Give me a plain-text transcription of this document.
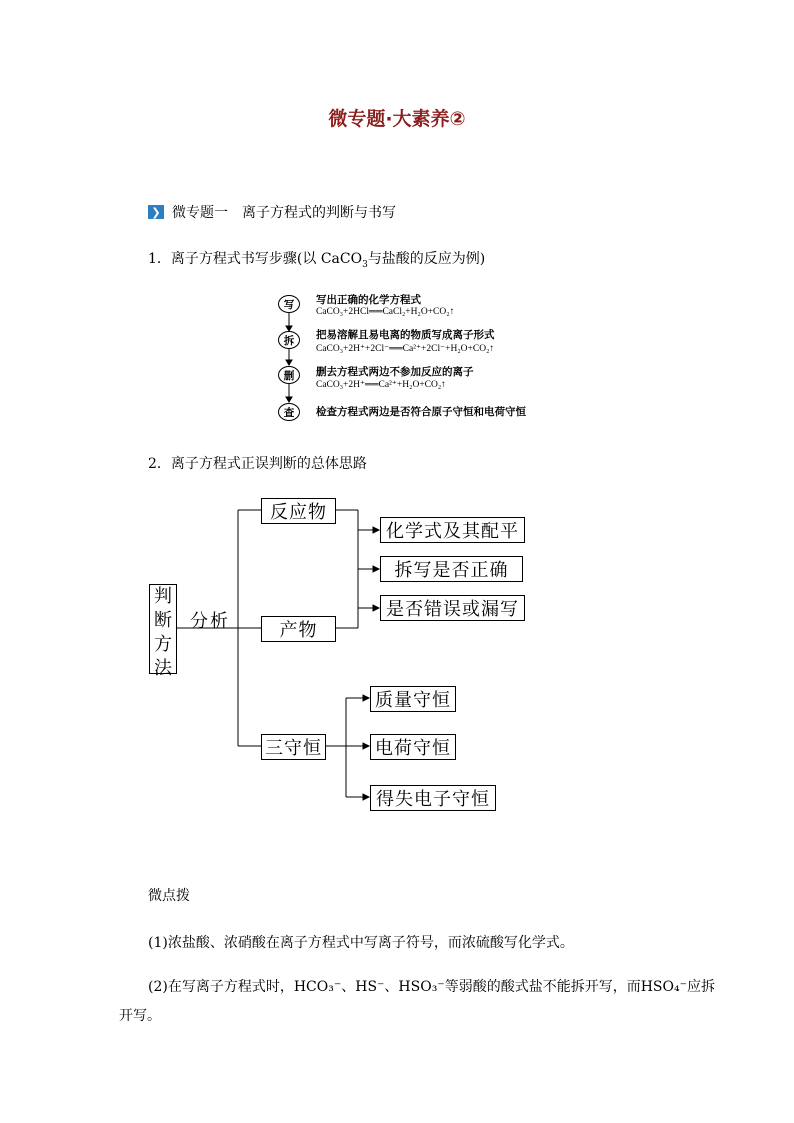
微专题·大素养②
❯ 微专题一　离子方程式的判断与书写
1．离子方程式书写步骤(以 CaCO$_3$与盐酸的反应为例)
写	写出正确的化学方程式
CaCO₃+2HCl══CaCl₂+H₂O+CO₂↑
拆	把易溶解且易电离的物质写成离子形式
CaCO₃+2H⁺+2Cl⁻══Ca²⁺+2Cl⁻+H₂O+CO₂↑
删	删去方程式两边不参加反应的离子
CaCO₃+2H⁺══Ca²⁺+H₂O+CO₂↑
查	检查方程式两边是否符合原子守恒和电荷守恒
2．离子方程式正误判断的总体思路
判
断
方
法
分析
反应物
产物
三守恒
化学式及其配平
拆写是否正确
是否错误或漏写
质量守恒
电荷守恒
得失电子守恒
微点拨
(1)浓盐酸、浓硝酸在离子方程式中写离子符号，而浓硫酸写化学式。
(2)在写离子方程式时，HCO₃⁻、HS⁻、HSO₃⁻等弱酸的酸式盐不能拆开写，而HSO₄⁻应拆
开写。
